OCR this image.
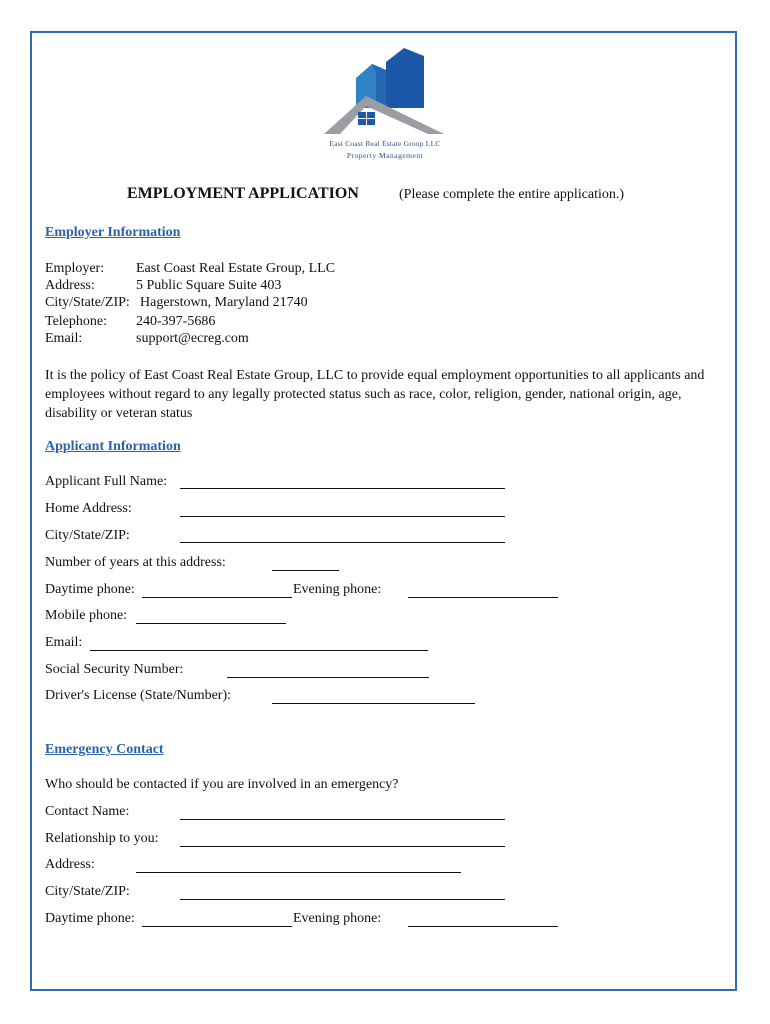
East Coast Real Estate Group LLC
Property Management
EMPLOYMENT APPLICATION	(Please complete the entire application.)
Employer Information
Employer: East Coast Real Estate Group, LLC
Address:	5 Public Square Suite 403
City/State/ZIP: Hagerstown, Maryland 21740
Telephone: 240-397-5686
Email:	support@ecreg.com
It is the policy of East Coast Real Estate Group, LLC to provide equal employment opportunities to all applicants and employees without regard to any legally protected status such as race, color, religion, gender, national origin, age, disability or veteran status
Applicant Information
Applicant Full Name:
Home Address:
City/State/ZIP:
Number of years at this address:
Daytime phone:	Evening phone:
Mobile phone:
Email:
Social Security Number:
Driver's License (State/Number):
Emergency Contact
Who should be contacted if you are involved in an emergency?
Contact Name:
Relationship to you:
Address:
City/State/ZIP:
Daytime phone:	Evening phone:
